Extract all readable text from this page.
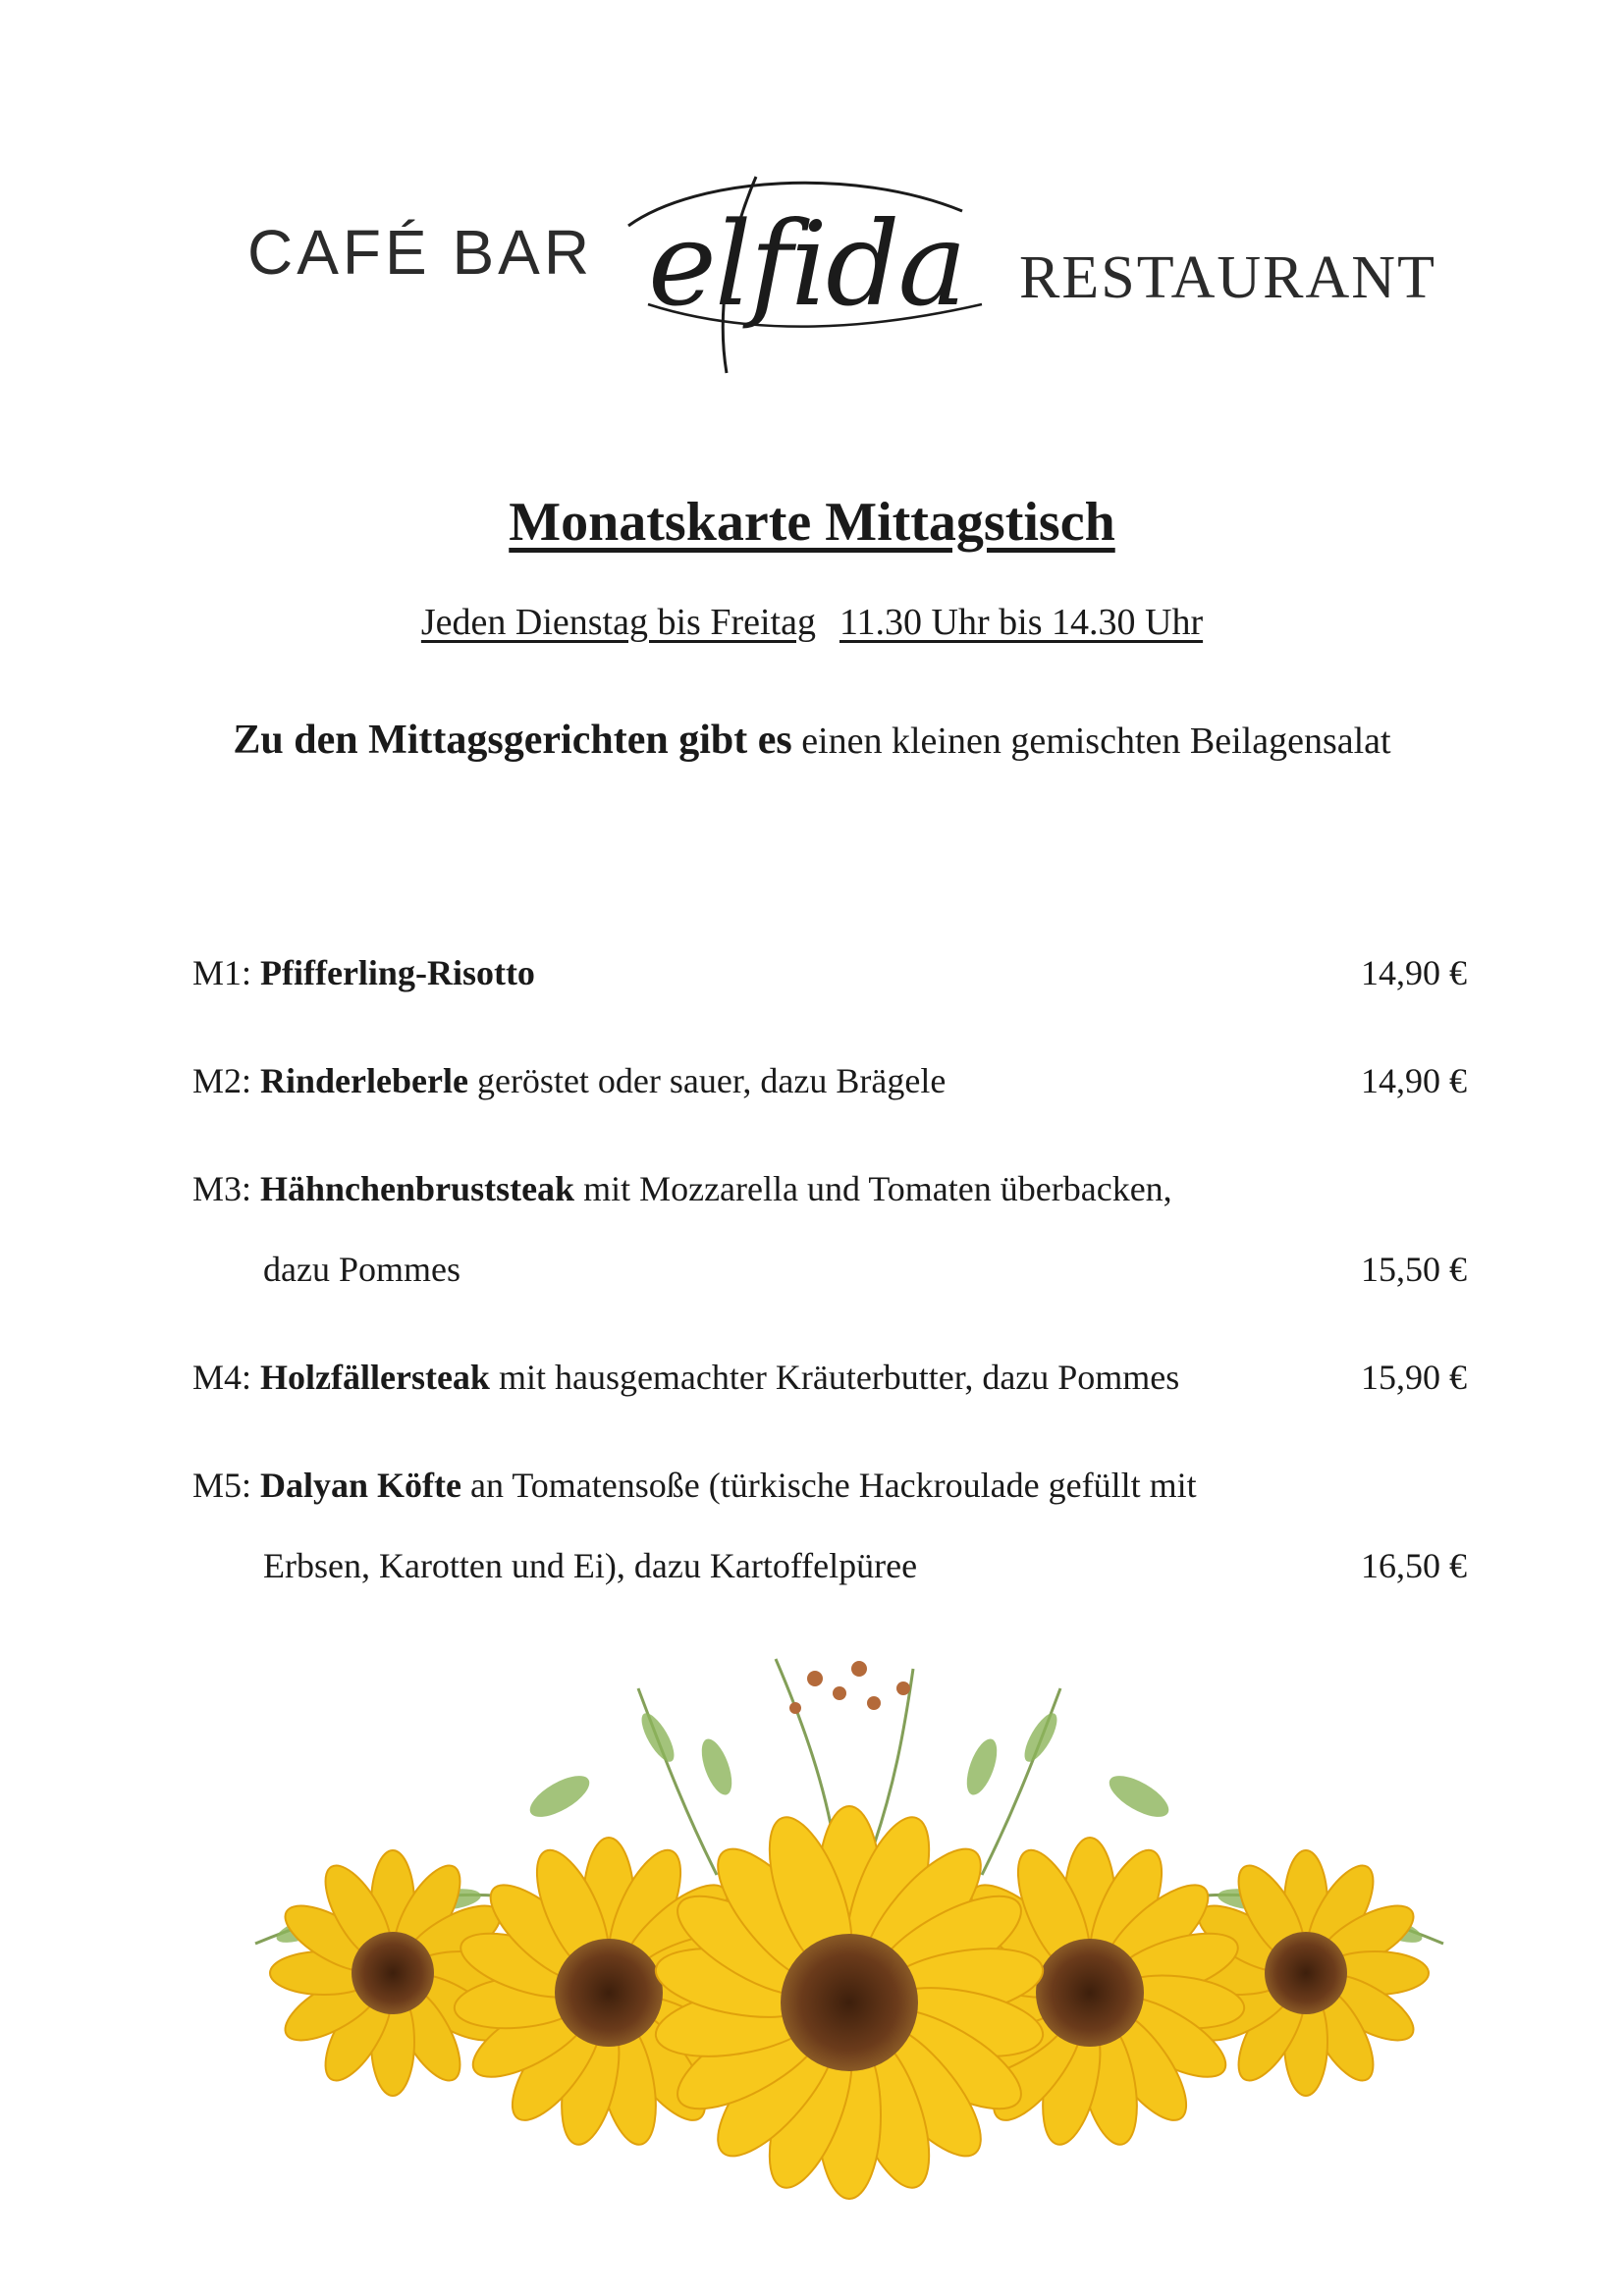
CAFÉ BAR elfida RESTAURANT
Monatskarte Mittagstisch
Jeden Dienstag bis Freitag 11.30 Uhr bis 14.30 Uhr
Zu den Mittagsgerichten gibt es einen kleinen gemischten Beilagensalat
M1: Pfifferling-Risotto	14,90 €
M2: Rinderleberle geröstet oder sauer, dazu Brägele	14,90 €
M3: Hähnchenbruststeak mit Mozzarella und Tomaten überbacken,
dazu Pommes	15,50 €
M4: Holzfällersteak mit hausgemachter Kräuterbutter, dazu Pommes	15,90 €
M5: Dalyan Köfte an Tomatensoße (türkische Hackroulade gefüllt mit
Erbsen, Karotten und Ei), dazu Kartoffelpüree	16,50 €
